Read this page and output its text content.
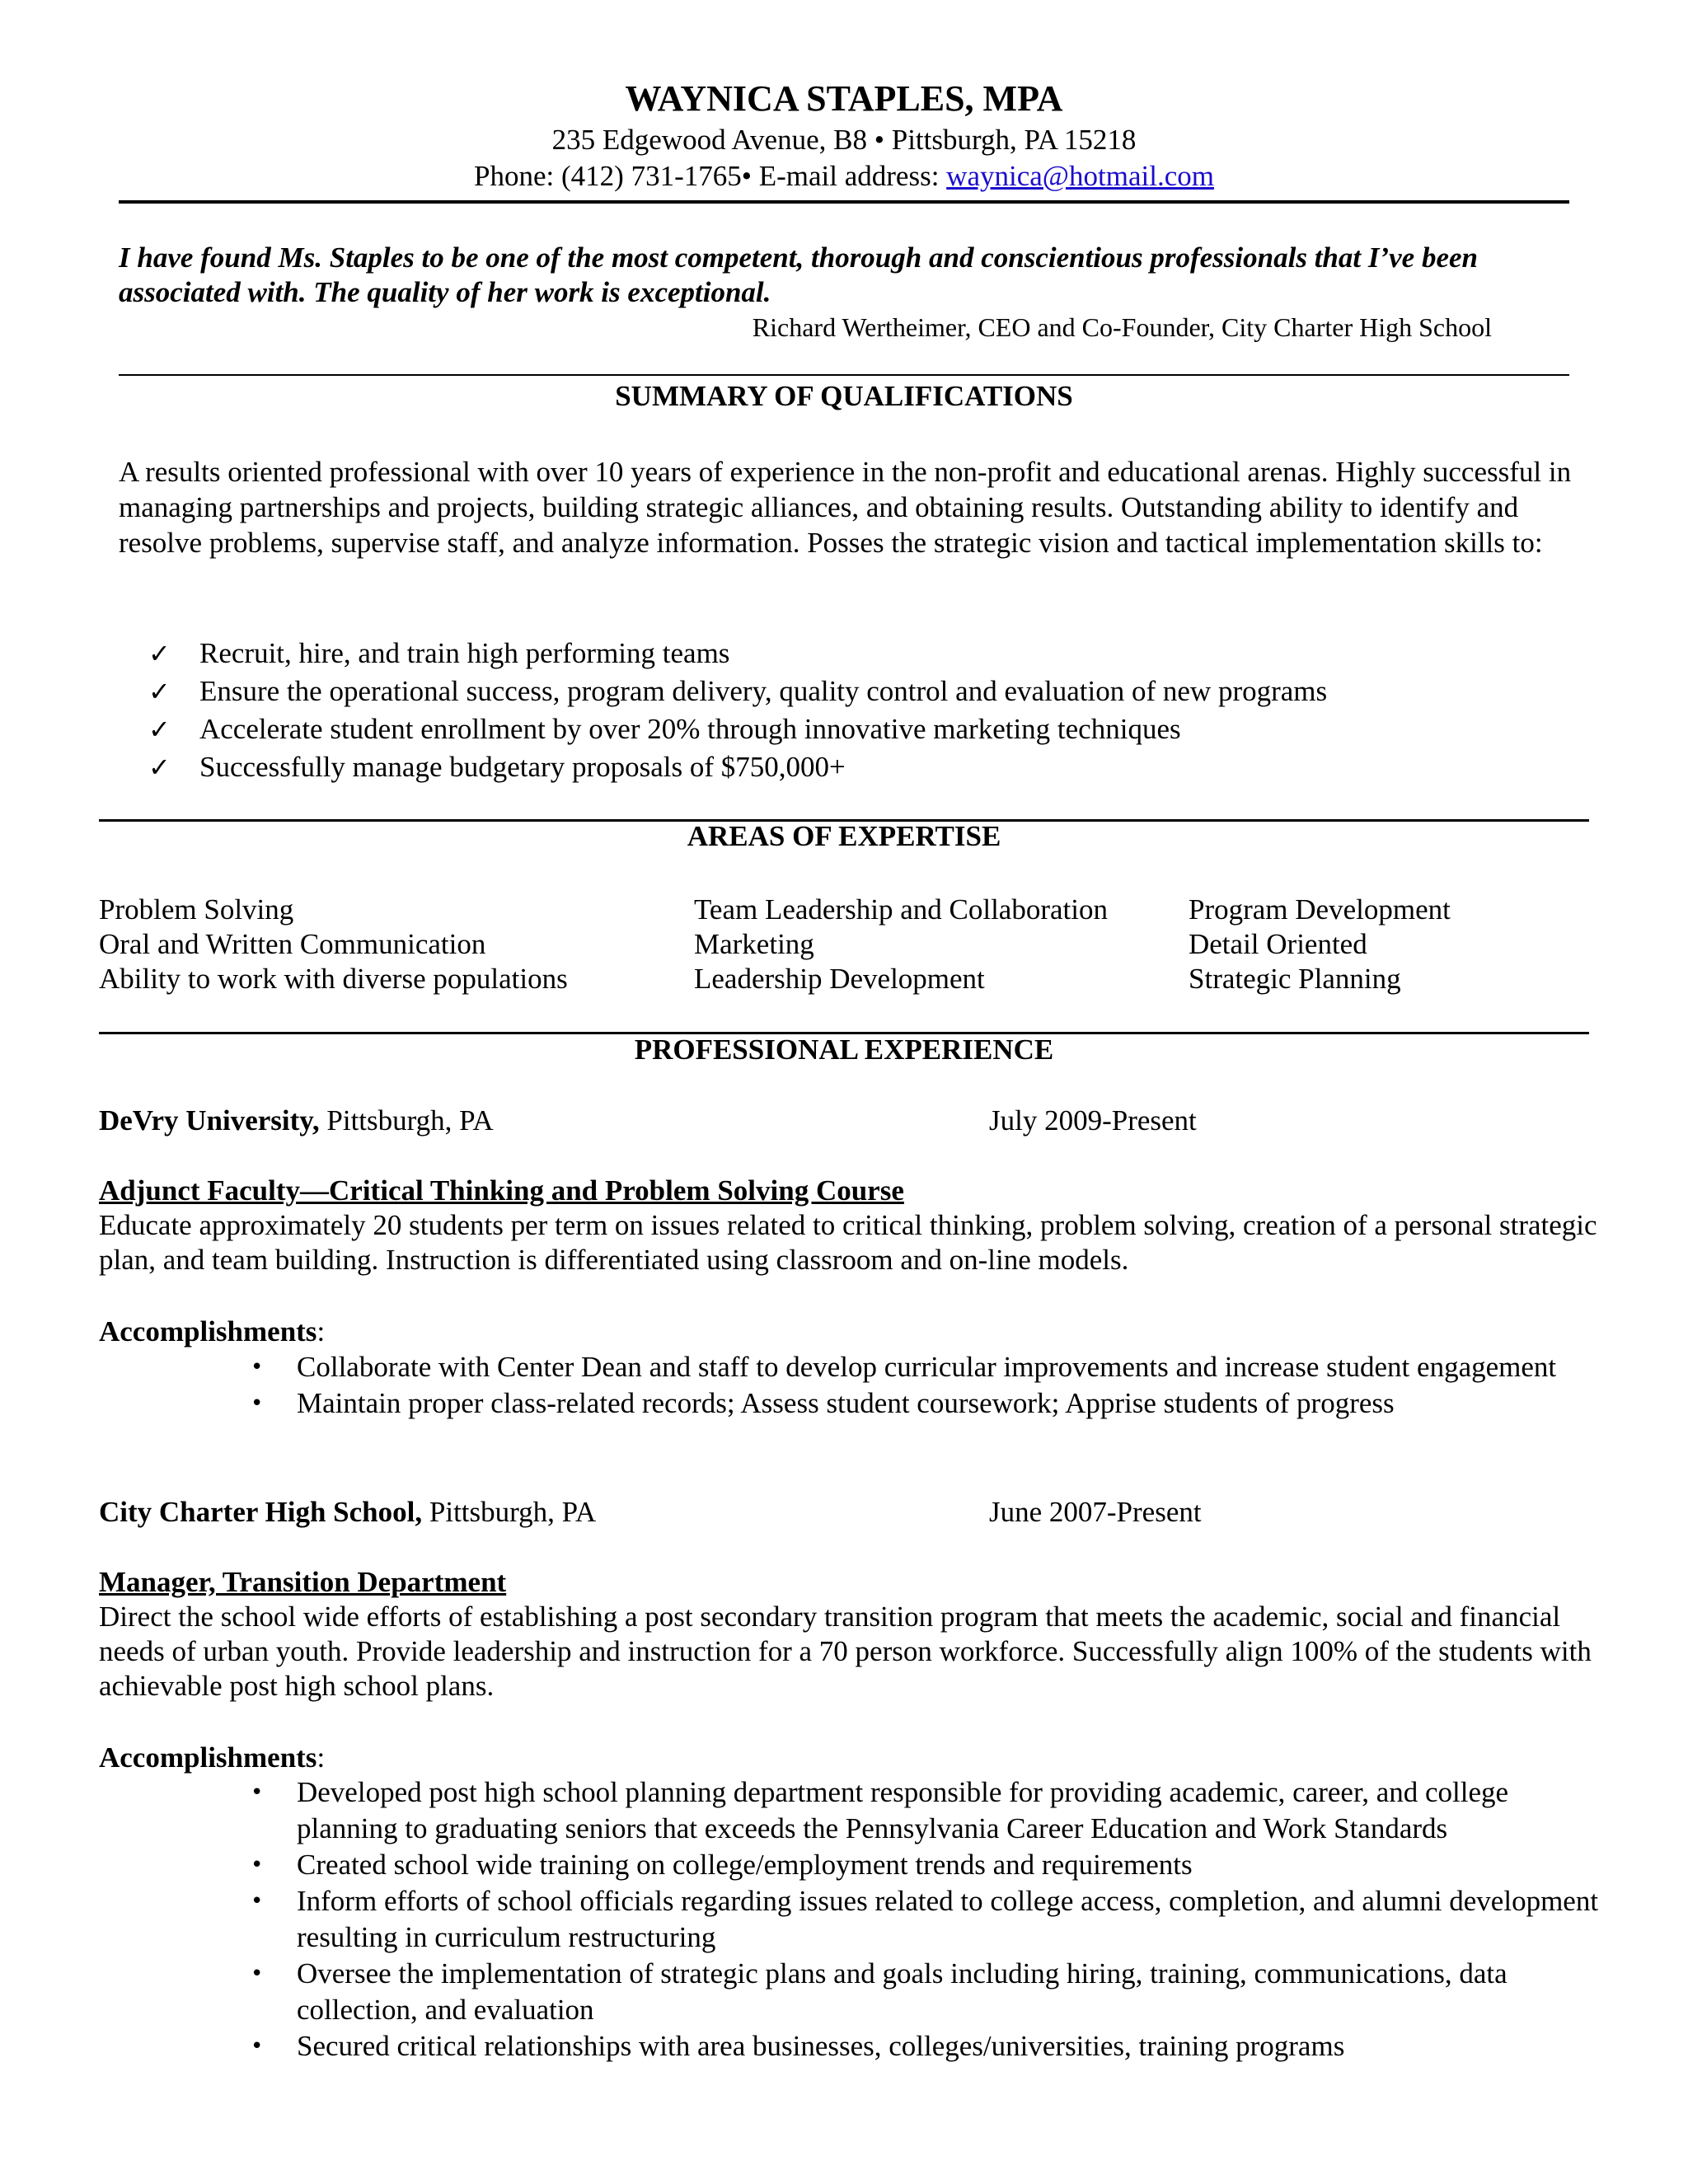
WAYNICA STAPLES, MPA
235 Edgewood Avenue, B8 • Pittsburgh, PA 15218
Phone: (412) 731-1765• E-mail address: waynica@hotmail.com
I have found Ms. Staples to be one of the most competent, thorough and conscientious professionals that I’ve been associated with. The quality of her work is exceptional.
Richard Wertheimer, CEO and Co-Founder, City Charter High School
SUMMARY OF QUALIFICATIONS
A results oriented professional with over 10 years of experience in the non-profit and educational arenas. Highly successful in managing partnerships and projects, building strategic alliances, and obtaining results. Outstanding ability to identify and resolve problems, supervise staff, and analyze information. Posses the strategic vision and tactical implementation skills to:
✓ Recruit, hire, and train high performing teams
✓ Ensure the operational success, program delivery, quality control and evaluation of new programs
✓ Accelerate student enrollment by over 20% through innovative marketing techniques
✓ Successfully manage budgetary proposals of $750,000+
AREAS OF EXPERTISE
Problem Solving
Oral and Written Communication
Ability to work with diverse populations
Team Leadership and Collaboration
Marketing
Leadership Development
Program Development
Detail Oriented
Strategic Planning
PROFESSIONAL EXPERIENCE
DeVry University, Pittsburgh, PA	July 2009-Present
Adjunct Faculty—Critical Thinking and Problem Solving Course
Educate approximately 20 students per term on issues related to critical thinking, problem solving, creation of a personal strategic plan, and team building. Instruction is differentiated using classroom and on-line models.
Accomplishments:
• Collaborate with Center Dean and staff to develop curricular improvements and increase student engagement
• Maintain proper class-related records; Assess student coursework; Apprise students of progress
City Charter High School, Pittsburgh, PA	June 2007-Present
Manager, Transition Department
Direct the school wide efforts of establishing a post secondary transition program that meets the academic, social and financial needs of urban youth. Provide leadership and instruction for a 70 person workforce. Successfully align 100% of the students with achievable post high school plans.
Accomplishments:
• Developed post high school planning department responsible for providing academic, career, and college planning to graduating seniors that exceeds the Pennsylvania Career Education and Work Standards
• Created school wide training on college/employment trends and requirements
• Inform efforts of school officials regarding issues related to college access, completion, and alumni development resulting in curriculum restructuring
• Oversee the implementation of strategic plans and goals including hiring, training, communications, data collection, and evaluation
• Secured critical relationships with area businesses, colleges/universities, training programs
